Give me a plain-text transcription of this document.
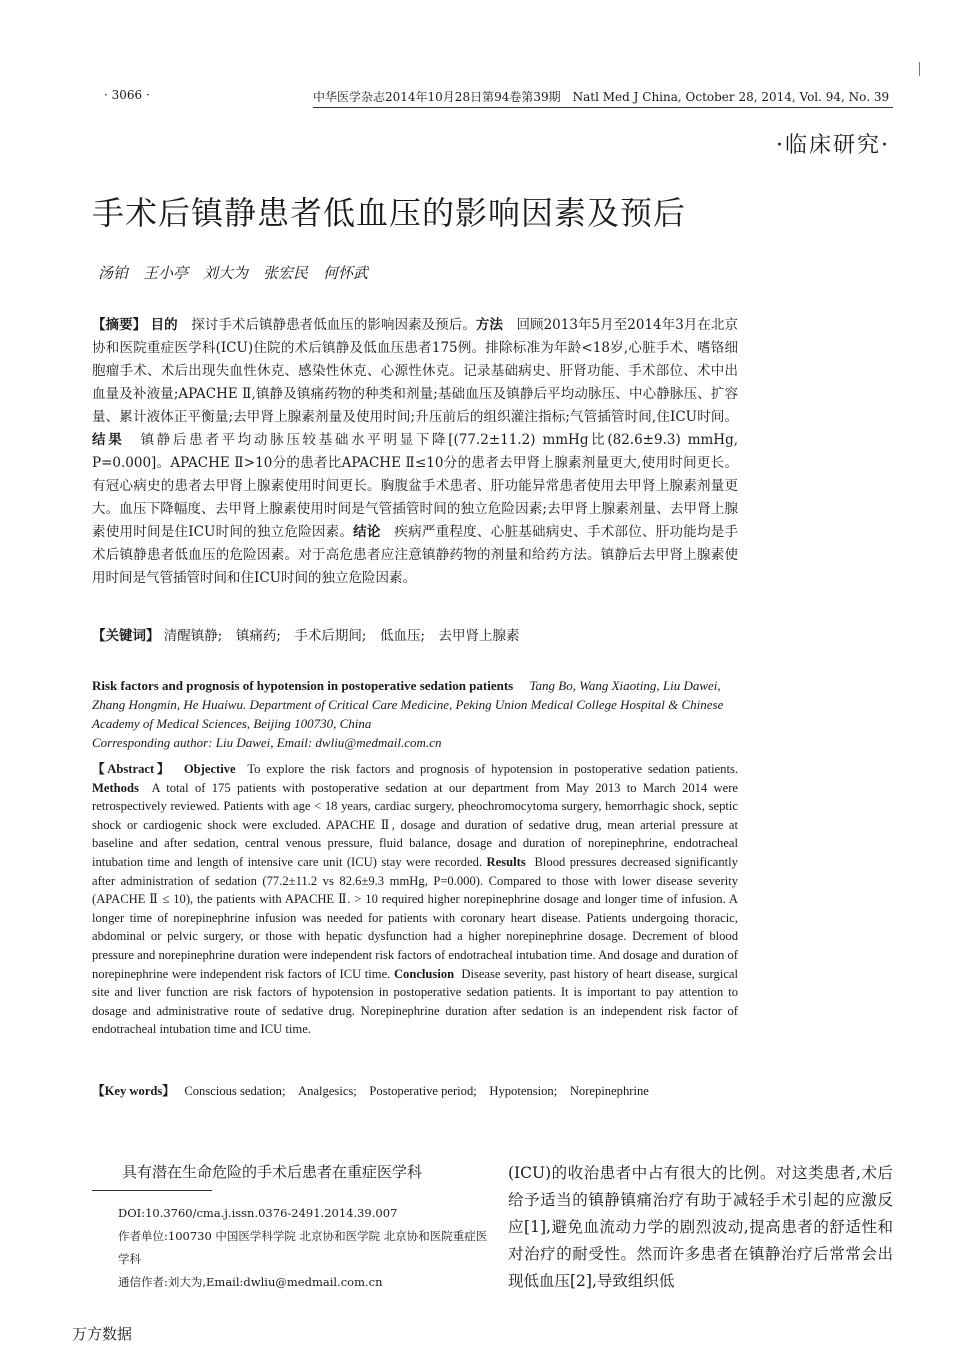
· 3066 ·	中华医学杂志2014年10月28日第94卷第39期　Natl Med J China, October 28, 2014, Vol. 94, No. 39
·临床研究·
手术后镇静患者低血压的影响因素及预后
汤铂　王小亭　刘大为　张宏民　何怀武
【摘要】 目的　 探讨手术后镇静患者低血压的影响因素及预后。方法　 回顾2013年5月至2014年3月在北京协和医院重症医学科(ICU)住院的术后镇静及低血压患者175例。排除标准为年龄<18岁,心脏手术、嗜铬细胞瘤手术、术后出现失血性休克、感染性休克、心源性休克。记录基础病史、肝肾功能、手术部位、术中出血量及补液量;APACHE Ⅱ,镇静及镇痛药物的种类和剂量;基础血压及镇静后平均动脉压、中心静脉压、扩容量、累计液体正平衡量;去甲肾上腺素剂量及使用时间;升压前后的组织灌注指标;气管插管时间,住ICU时间。结果　 镇静后患者平均动脉压较基础水平明显下降[(77.2±11.2) mmHg比(82.6±9.3) mmHg, P=0.000]。APACHE Ⅱ>10分的患者比APACHE Ⅱ≤10分的患者去甲肾上腺素剂量更大,使用时间更长。有冠心病史的患者去甲肾上腺素使用时间更长。胸腹盆手术患者、肝功能异常患者使用去甲肾上腺素剂量更大。血压下降幅度、去甲肾上腺素使用时间是气管插管时间的独立危险因素;去甲肾上腺素剂量、去甲肾上腺素使用时间是住ICU时间的独立危险因素。结论　 疾病严重程度、心脏基础病史、手术部位、肝功能均是手术后镇静患者低血压的危险因素。对于高危患者应注意镇静药物的剂量和给药方法。镇静后去甲肾上腺素使用时间是气管插管时间和住ICU时间的独立危险因素。
【关键词】 清醒镇静;　镇痛药;　手术后期间;　低血压;　去甲肾上腺素
Risk factors and prognosis of hypotension in postoperative sedation patients Tang Bo, Wang Xiaoting, Liu Dawei, Zhang Hongmin, He Huaiwu. Department of Critical Care Medicine, Peking Union Medical College Hospital & Chinese Academy of Medical Sciences, Beijing 100730, China
Corresponding author: Liu Dawei, Email: dwliu@medmail.com.cn
【Abstract】 Objective To explore the risk factors and prognosis of hypotension in postoperative sedation patients. Methods A total of 175 patients with postoperative sedation at our department from May 2013 to March 2014 were retrospectively reviewed. Patients with age < 18 years, cardiac surgery, pheochromocytoma surgery, hemorrhagic shock, septic shock or cardiogenic shock were excluded. APACHE Ⅱ, dosage and duration of sedative drug, mean arterial pressure at baseline and after sedation, central venous pressure, fluid balance, dosage and duration of norepinephrine, endotracheal intubation time and length of intensive care unit (ICU) stay were recorded. Results Blood pressures decreased significantly after administration of sedation (77.2±11.2 vs 82.6±9.3 mmHg, P=0.000). Compared to those with lower disease severity (APACHE Ⅱ ≤ 10), the patients with APACHE Ⅱ. > 10 required higher norepinephrine dosage and longer time of infusion. A longer time of norepinephrine infusion was needed for patients with coronary heart disease. Patients undergoing thoracic, abdominal or pelvic surgery, or those with hepatic dysfunction had a higher norepinephrine dosage. Decrement of blood pressure and norepinephrine duration were independent risk factors of endotracheal intubation time. And dosage and duration of norepinephrine were independent risk factors of ICU time. Conclusion Disease severity, past history of heart disease, surgical site and liver function are risk factors of hypotension in postoperative sedation patients. It is important to pay attention to dosage and administrative route of sedative drug. Norepinephrine duration after sedation is an independent risk factor of endotracheal intubation time and ICU time.
【Key words】 Conscious sedation;　Analgesics;　Postoperative period;　Hypotension;　Norepinephrine
具有潜在生命危险的手术后患者在重症医学科
DOI:10.3760/cma.j.issn.0376-2491.2014.39.007
作者单位:100730 中国医学科学院 北京协和医学院 北京协和医院重症医学科
通信作者:刘大为,Email:dwliu@medmail.com.cn
(ICU)的收治患者中占有很大的比例。对这类患者,术后给予适当的镇静镇痛治疗有助于减轻手术引起的应激反应[1],避免血流动力学的剧烈波动,提高患者的舒适性和对治疗的耐受性。然而许多患者在镇静治疗后常常会出现低血压[2],导致组织低
万方数据
